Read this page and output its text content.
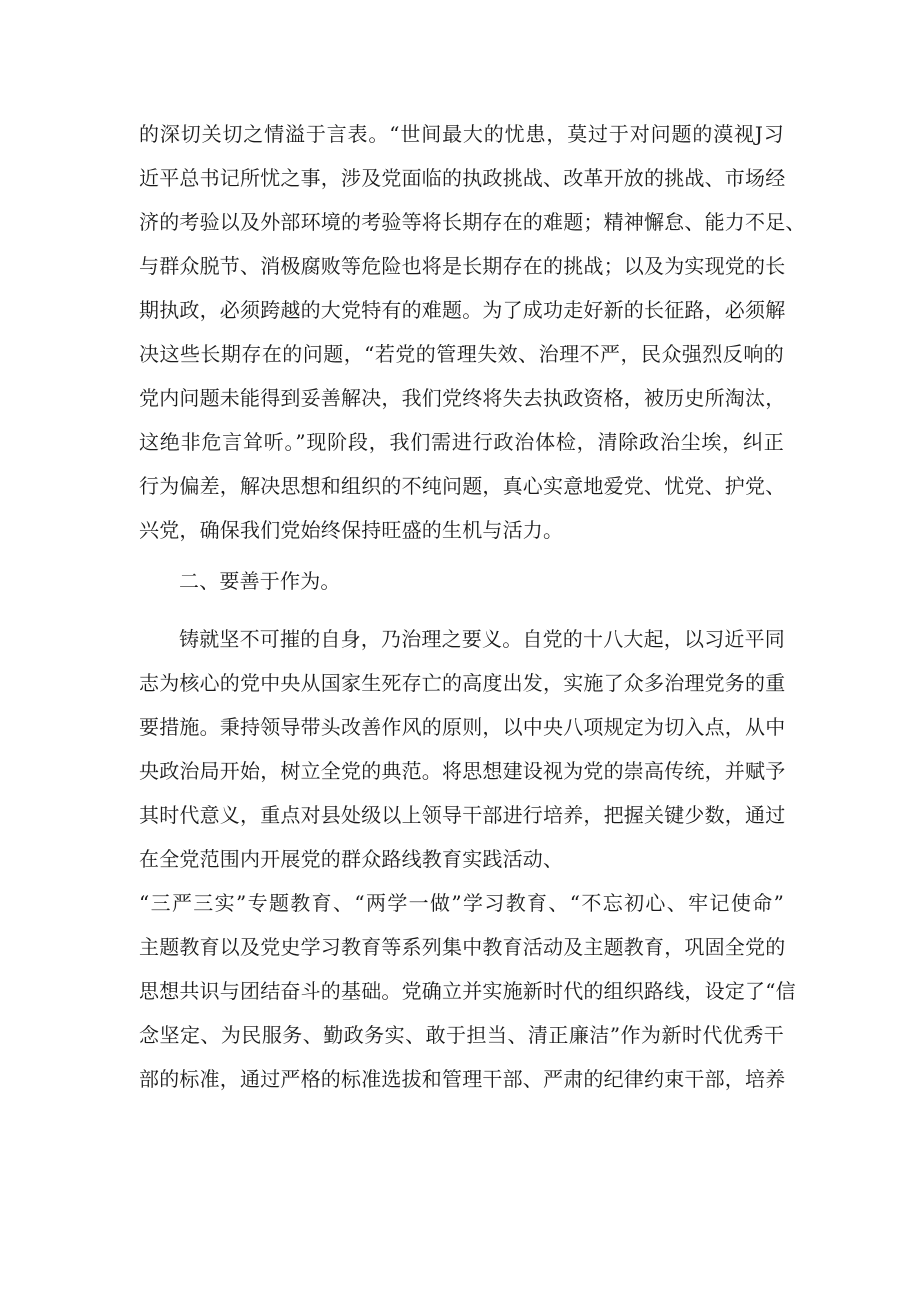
的深切关切之情溢于言表。“世间最大的忧患，莫过于对问题的漠视J习
近平总书记所忧之事，涉及党面临的执政挑战、改革开放的挑战、市场经
济的考验以及外部环境的考验等将长期存在的难题；精神懈怠、能力不足、
与群众脱节、消极腐败等危险也将是长期存在的挑战；以及为实现党的长
期执政，必须跨越的大党特有的难题。为了成功走好新的长征路，必须解
决这些长期存在的问题，“若党的管理失效、治理不严，民众强烈反响的
党内问题未能得到妥善解决，我们党终将失去执政资格，被历史所淘汰，
这绝非危言耸听。”现阶段，我们需进行政治体检，清除政治尘埃，纠正
行为偏差，解决思想和组织的不纯问题，真心实意地爱党、忧党、护党、
兴党，确保我们党始终保持旺盛的生机与活力。
二、要善于作为。
铸就坚不可摧的自身，乃治理之要义。自党的十八大起，以习近平同
志为核心的党中央从国家生死存亡的高度出发，实施了众多治理党务的重
要措施。秉持领导带头改善作风的原则，以中央八项规定为切入点，从中
央政治局开始，树立全党的典范。将思想建设视为党的崇高传统，并赋予
其时代意义，重点对县处级以上领导干部进行培养，把握关键少数，通过
在全党范围内开展党的群众路线教育实践活动、
“三严三实”专题教育、“两学一做”学习教育、“不忘初心、牢记使命”
主题教育以及党史学习教育等系列集中教育活动及主题教育，巩固全党的
思想共识与团结奋斗的基础。党确立并实施新时代的组织路线，设定了“信
念坚定、为民服务、勤政务实、敢于担当、清正廉洁”作为新时代优秀干
部的标准，通过严格的标准选拔和管理干部、严肃的纪律约束干部，培养
